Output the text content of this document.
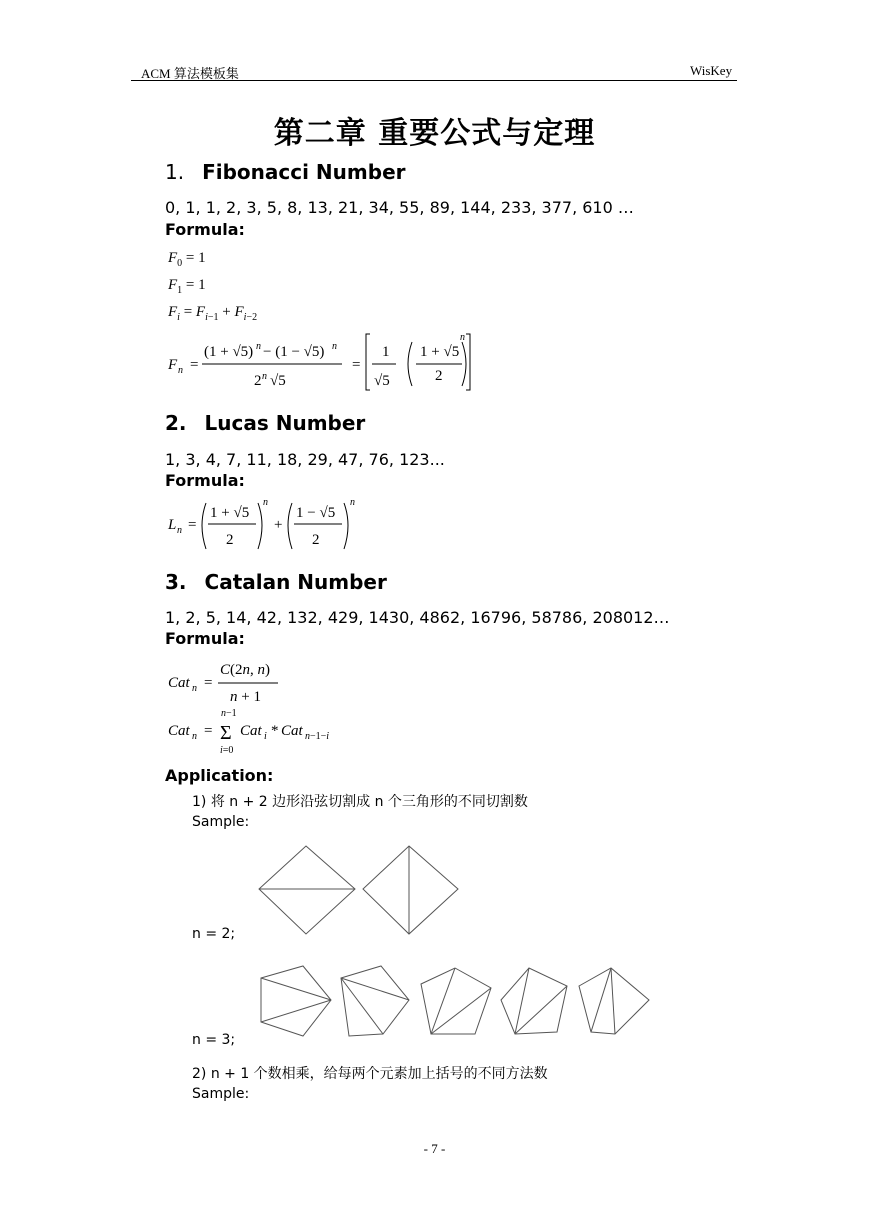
ACM 算法模板集	WisKey
第二章 重要公式与定理
1. Fibonacci Number
0, 1, 1, 2, 3, 5, 8, 13, 21, 34, 55, 89, 144, 233, 377, 610 …
Formula:
$F_0 = 1$
$F_1 = 1$
$F_i = F_{i-1} + F_{i-2}$
F n =
(1 + √5) n − (1 − √5) n
2 n √5
=
1
√5
1 + √5
2
n
2. Lucas Number
1, 3, 4, 7, 11, 18, 29, 47, 76, 123...
Formula:
L n =
1 + √5
2
n
+
1 − √5
2
n
3. Catalan Number
1, 2, 5, 14, 42, 132, 429, 1430, 4862, 16796, 58786, 208012…
Formula:
Cat n =
C(2n, n)
n + 1
Cat n =
n−1
Σ
i=0
Cat i * Cat n−1−i
Application:
1) 将 n + 2 边形沿弦切割成 n 个三角形的不同切割数
Sample:
n = 2;
n = 3;
2) n + 1 个数相乘，给每两个元素加上括号的不同方法数
Sample:
- 7 -
